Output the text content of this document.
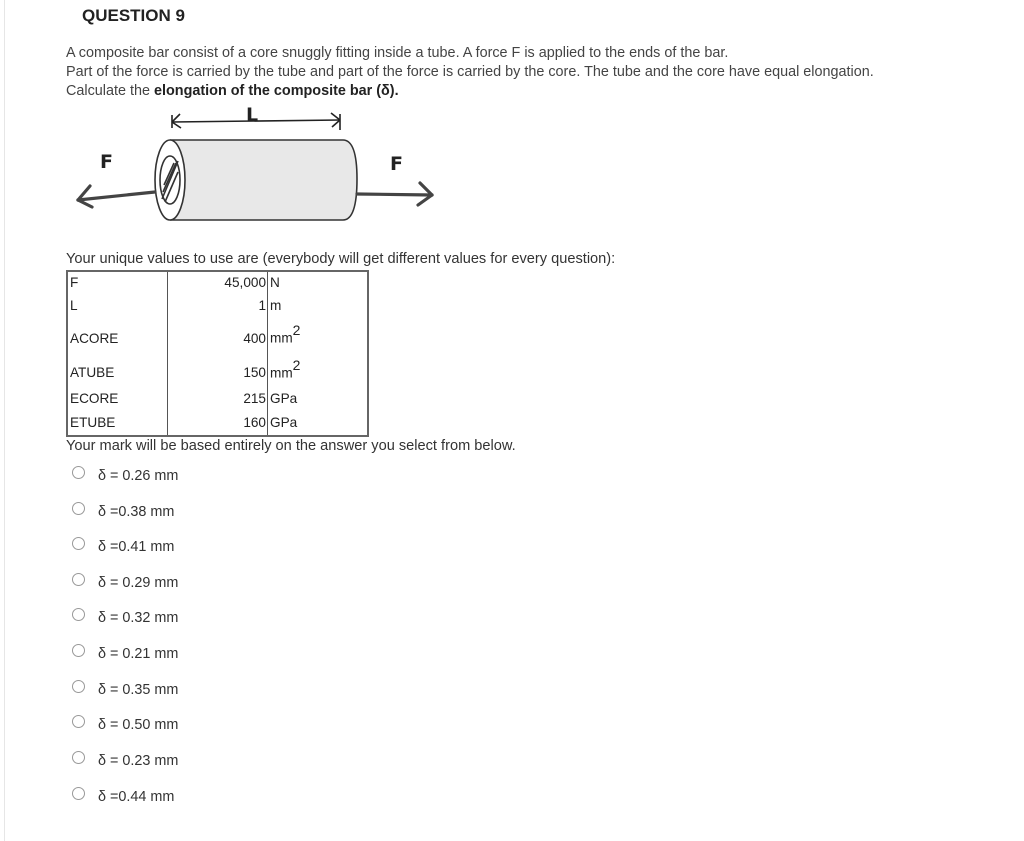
QUESTION 9
A composite bar consist of a core snuggly fitting inside a tube. A force F is applied to the ends of the bar.
Part of the force is carried by the tube and part of the force is carried by the core. The tube and the core have equal elongation.
Calculate the elongation of the composite bar (δ).
L
F	F
Your unique values to use are (everybody will get different values for every question):
F	45,000	N
L	1	m
ACORE	400	$mm^2$
ATUBE	150	$mm^2$
ECORE	215	GPa
ETUBE	160	GPa
Your mark will be based entirely on the answer you select from below.
δ = 0.26 mm
δ =0.38 mm
δ =0.41 mm
δ = 0.29 mm
δ = 0.32 mm
δ = 0.21 mm
δ = 0.35 mm
δ = 0.50 mm
δ = 0.23 mm
δ =0.44 mm
